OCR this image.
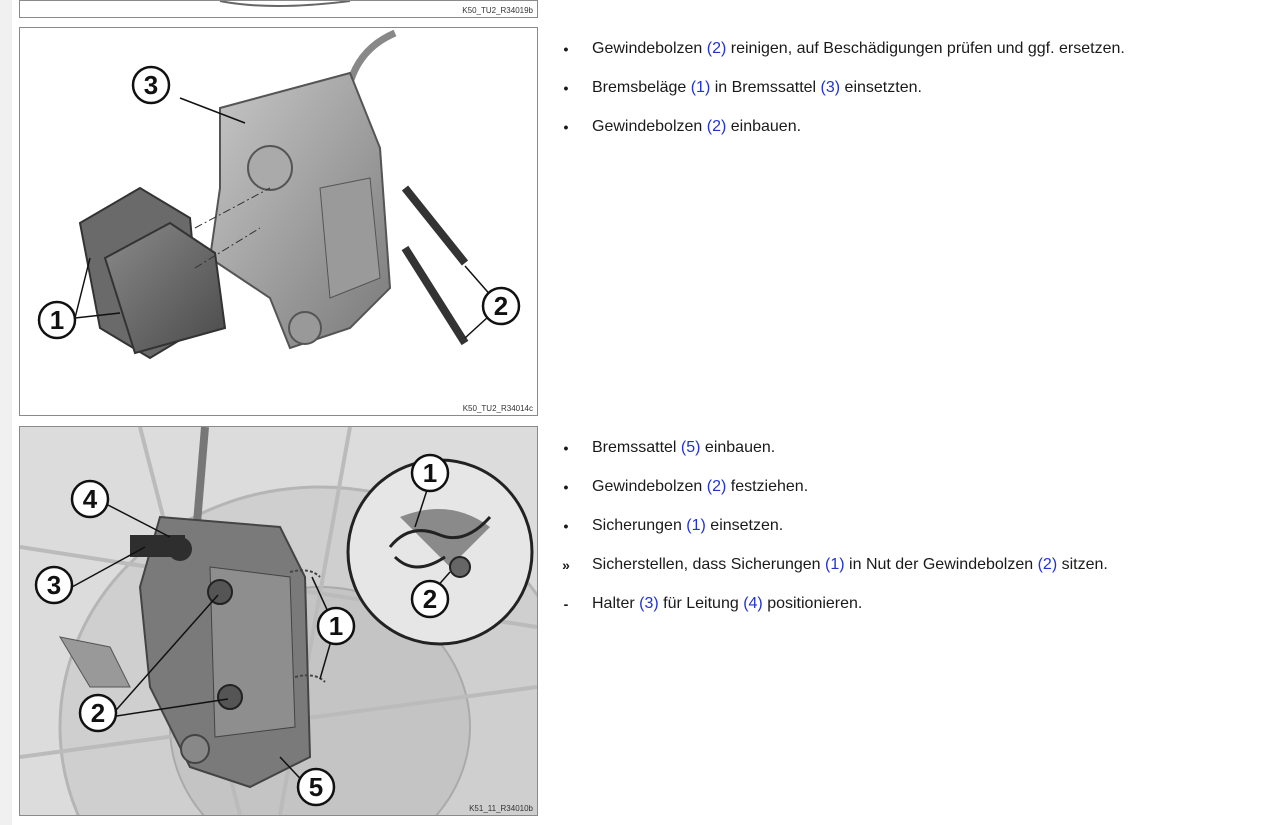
K50_TU2_R34019b
3
1	2
K50_TU2_R34014c
4
3
2
1
5
1
2
K51_11_R34010b
• Gewindebolzen (2) reinigen, auf Beschädigungen prüfen und ggf. ersetzen.
• Bremsbeläge (1) in Bremssattel (3) einsetzten.
• Gewindebolzen (2) einbauen.
• Bremssattel (5) einbauen.
• Gewindebolzen (2) festziehen.
• Sicherungen (1) einsetzen.
» Sicherstellen, dass Sicherungen (1) in Nut der Gewindebolzen (2) sitzen.
- Halter (3) für Leitung (4) positionieren.
